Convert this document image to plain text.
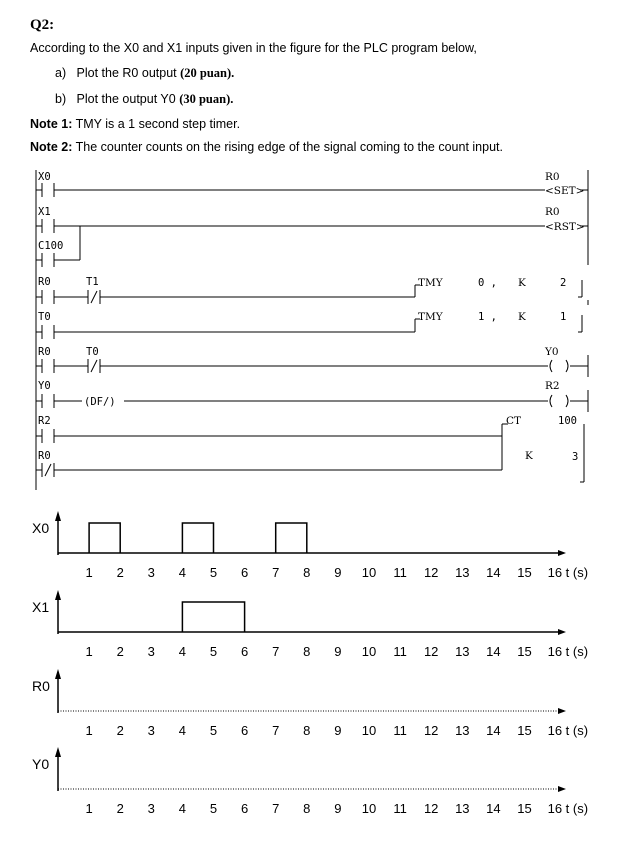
Q2:
According to the X0 and X1 inputs given in the figure for the PLC program below,
a) Plot the R0 output (20 puan).
b) Plot the output Y0 (30 puan).
Note 1: TMY is a 1 second step timer.
Note 2: The counter counts on the rising edge of the signal coming to the count input.
X0
X1
C100
R0	T1
T0
R0	T0
Y0
(DF/)
R2
R0
R0
<SET>
R0
<RST>
Y0
R2
TMY	0 , K	2
TMY	1 , K	1
CT	100
K	3
X0
1 2 3 4 5 6 7 8 9 10 11 12 13 14 15 16 t (s)
X1
1 2 3 4 5 6 7 8 9 10 11 12 13 14 15 16 t (s)
R0
1 2 3 4 5 6 7 8 9 10 11 12 13 14 15 16 t (s)
Y0
1 2 3 4 5 6 7 8 9 10 11 12 13 14 15 16 t (s)
